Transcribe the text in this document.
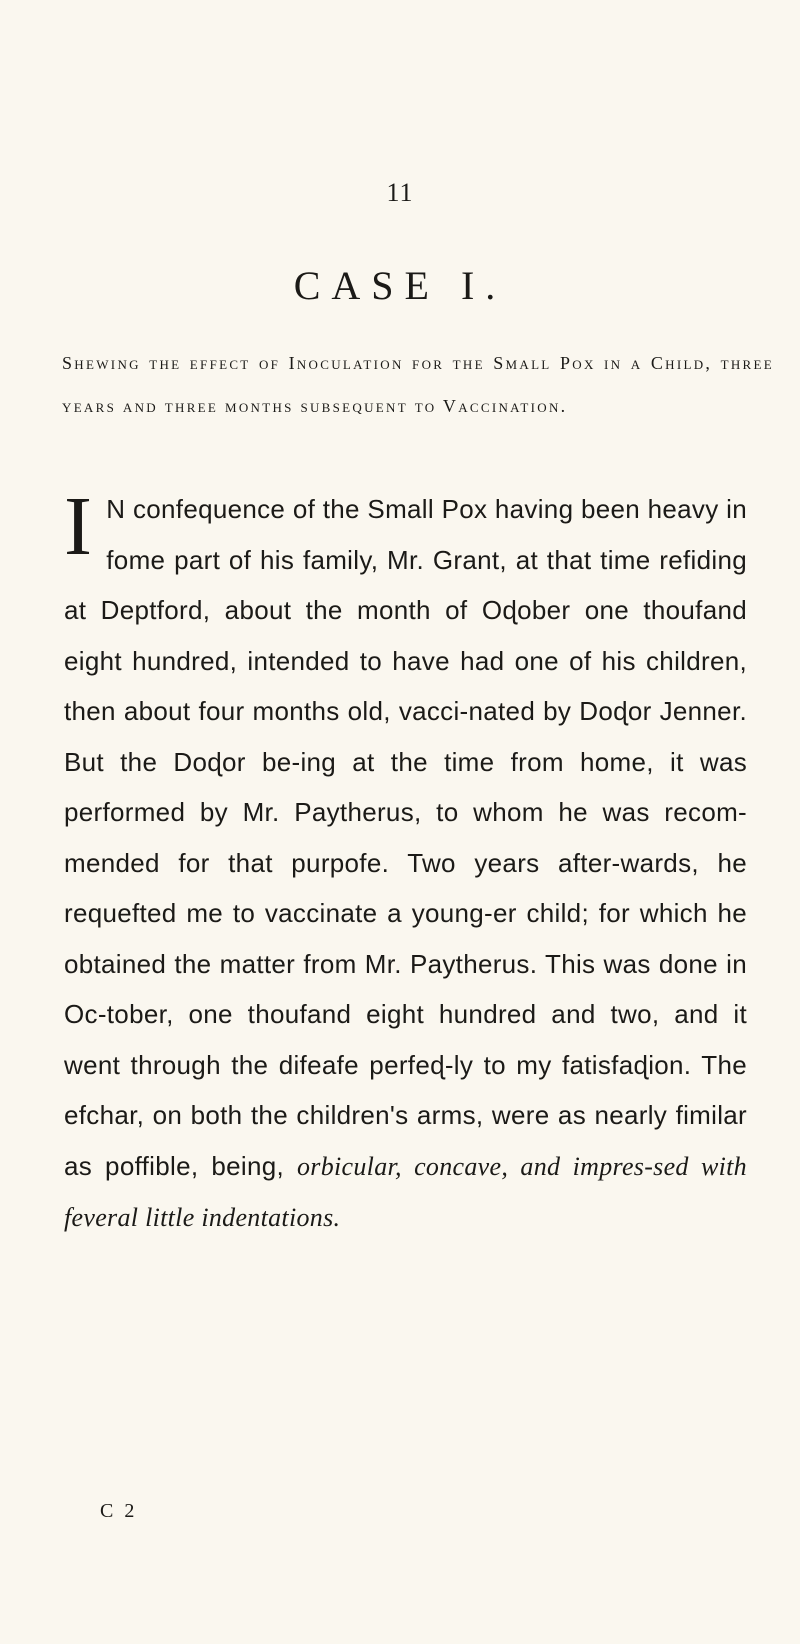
11
CASE I.
Shewing the effect of Inoculation for the Small Pox in a Child, three years and three months subsequent to Vaccination.
I N confequence of the Small Pox having been heavy in fome part of his family, Mr. Grant, at that time refiding at Deptford, about the month of Oɖober one thoufand eight hundred, intended to have had one of his children, then about four months old, vacci-nated by Doɖor Jenner. But the Doɖor be-ing at the time from home, it was performed by Mr. Paytherus, to whom he was recom-mended for that purpofe. Two years after-wards, he requefted me to vaccinate a young-er child; for which he obtained the matter from Mr. Paytherus. This was done in Oc-tober, one thoufand eight hundred and two, and it went through the difeafe perfeɖ-ly to my fatisfaɖion. The efchar, on both the children's arms, were as nearly fimilar as poffible, being, orbicular, concave, and impres-sed with feveral little indentations.
C 2
